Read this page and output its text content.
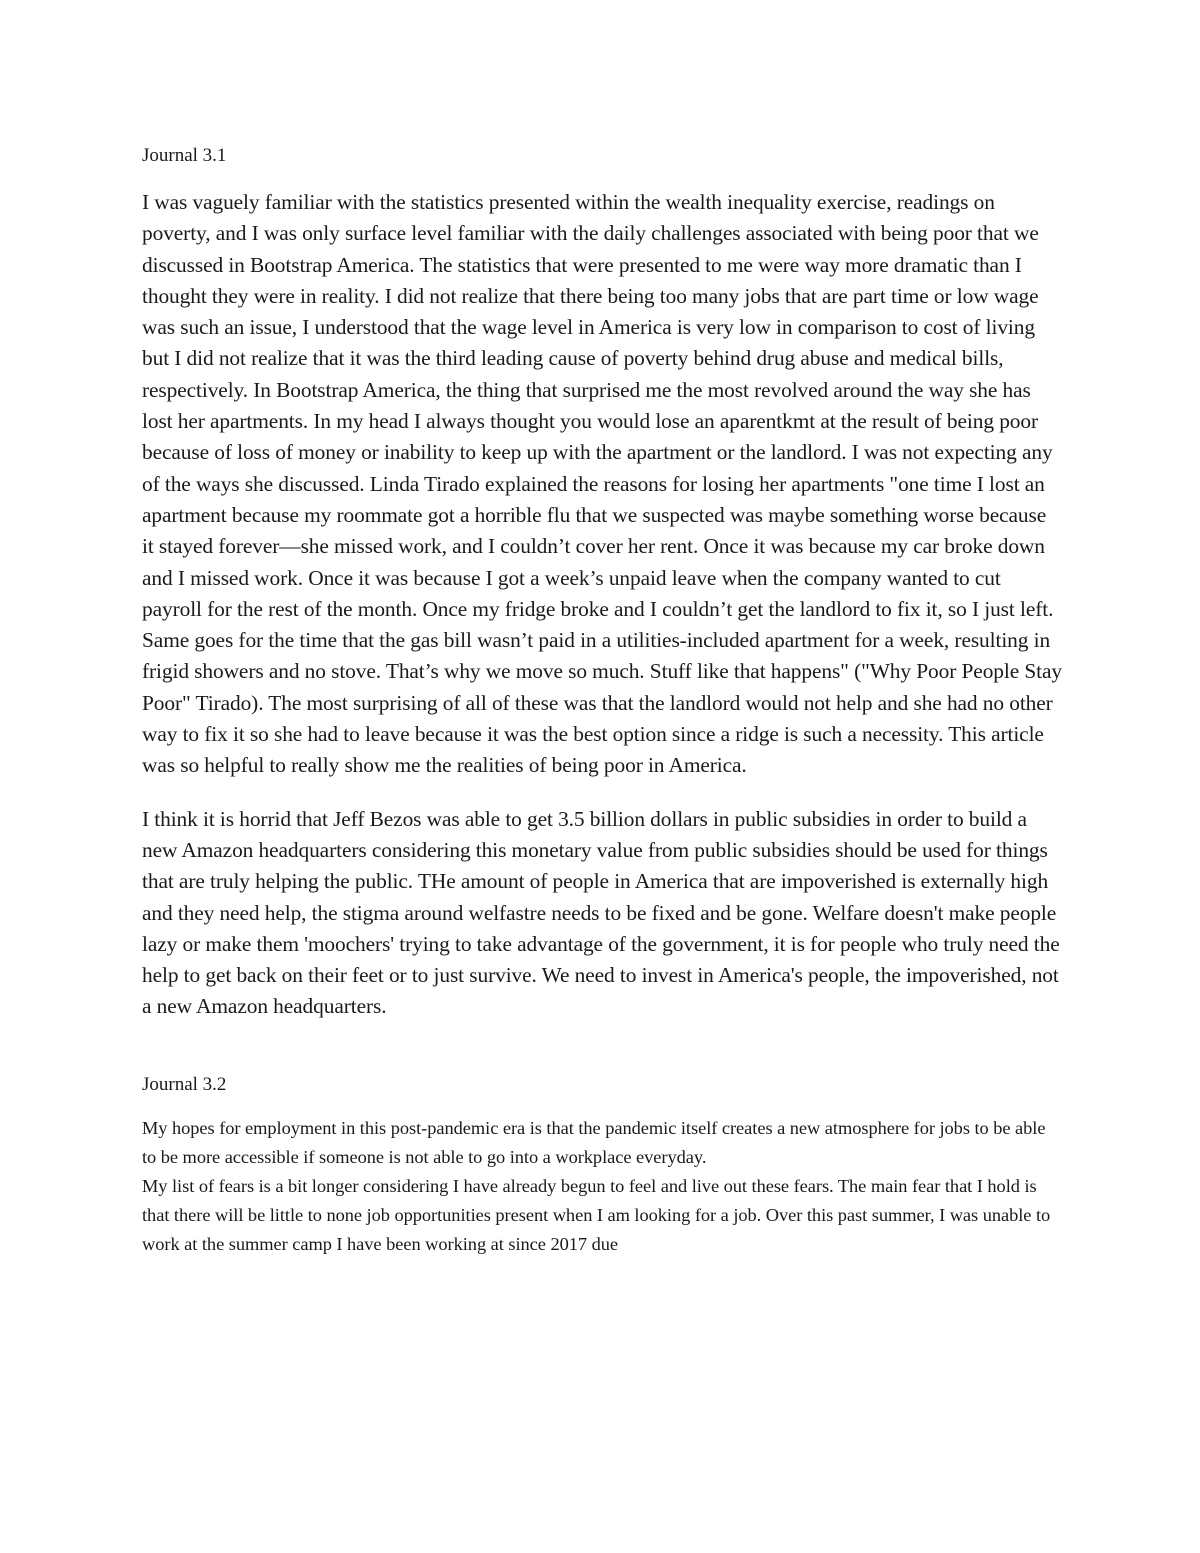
Journal 3.1

I was vaguely familiar with the statistics presented within the wealth inequality exercise, readings on poverty, and I was only surface level familiar with the daily challenges associated with being poor that we discussed in Bootstrap America. The statistics that were presented to me were way more dramatic than I thought they were in reality. I did not realize that there being too many jobs that are part time or low wage was such an issue, I understood that the wage level in America is very low in comparison to cost of living but I did not realize that it was the third leading cause of poverty behind drug abuse and medical bills, respectively. In Bootstrap America, the thing that surprised me the most revolved around the way she has lost her apartments. In my head I always thought you would lose an aparentkmt at the result of being poor because of loss of money or inability to keep up with the apartment or the landlord. I was not expecting any of the ways she discussed. Linda Tirado explained the reasons for losing her apartments "one time I lost an apartment because my roommate got a horrible flu that we suspected was maybe something worse because it stayed forever—she missed work, and I couldn’t cover her rent. Once it was because my car broke down and I missed work. Once it was because I got a week’s unpaid leave when the company wanted to cut payroll for the rest of the month. Once my fridge broke and I couldn’t get the landlord to fix it, so I just left. Same goes for the time that the gas bill wasn’t paid in a utilities-included apartment for a week, resulting in frigid showers and no stove. That’s why we move so much. Stuff like that happens" ("Why Poor People Stay Poor" Tirado). The most surprising of all of these was that the landlord would not help and she had no other way to fix it so she had to leave because it was the best option since a ridge is such a necessity. This article was so helpful to really show me the realities of being poor in America.

I think it is horrid that Jeff Bezos was able to get 3.5 billion dollars in public subsidies in order to build a new Amazon headquarters considering this monetary value from public subsidies should be used for things that are truly helping the public. THe amount of people in America that are impoverished is externally high and they need help, the stigma around welfastre needs to be fixed and be gone. Welfare doesn't make people lazy or make them 'moochers' trying to take advantage of the government, it is for people who truly need the help to get back on their feet or to just survive. We need to invest in America's people, the impoverished, not a new Amazon headquarters.

Journal 3.2

My hopes for employment in this post-pandemic era is that the pandemic itself creates a new atmosphere for jobs to be able to be more accessible if someone is not able to go into a workplace everyday.

My list of fears is a bit longer considering I have already begun to feel and live out these fears. The main fear that I hold is that there will be little to none job opportunities present when I am looking for a job. Over this past summer, I was unable to work at the summer camp I have been working at since 2017 due
